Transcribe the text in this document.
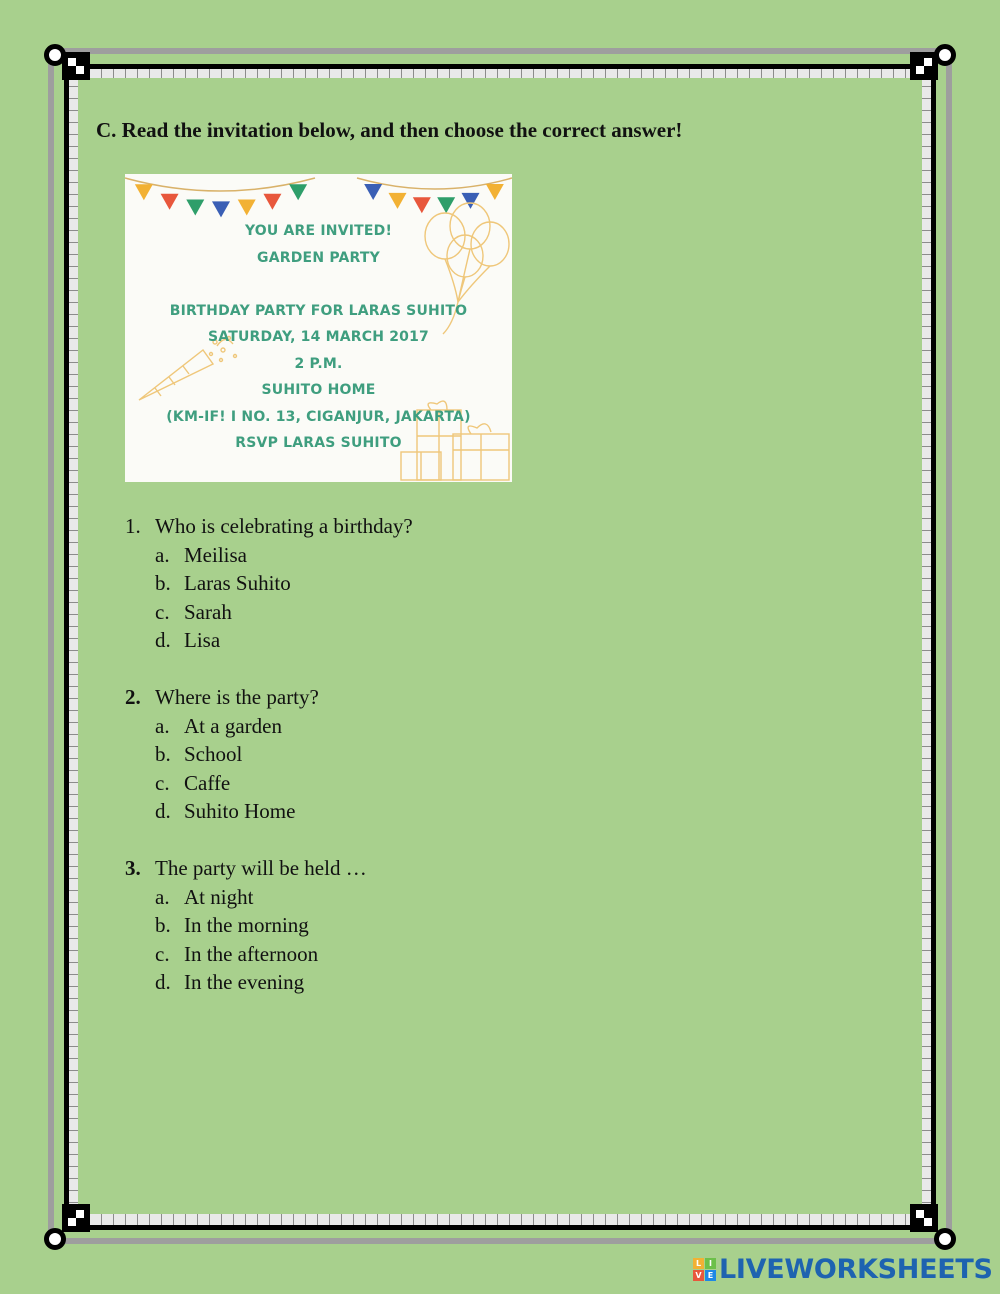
C. Read the invitation below, and then choose the correct answer!
YOU ARE INVITED!
GARDEN PARTY
BIRTHDAY PARTY FOR LARAS SUHITO
SATURDAY, 14 MARCH 2017
2 P.M.
SUHITO HOME
(KM-IF! I NO. 13, CIGANJUR, JAKARTA)
RSVP LARAS SUHITO
1. Who is celebrating a birthday?
a. Meilisa
b. Laras Suhito
c. Sarah
d. Lisa
2. Where is the party?
a. At a garden
b. School
c. Caffe
d. Suhito Home
3. The party will be held …
a. At night
b. In the morning
c. In the afternoon
d. In the evening
L I
V E LIVEWORKSHEETS
